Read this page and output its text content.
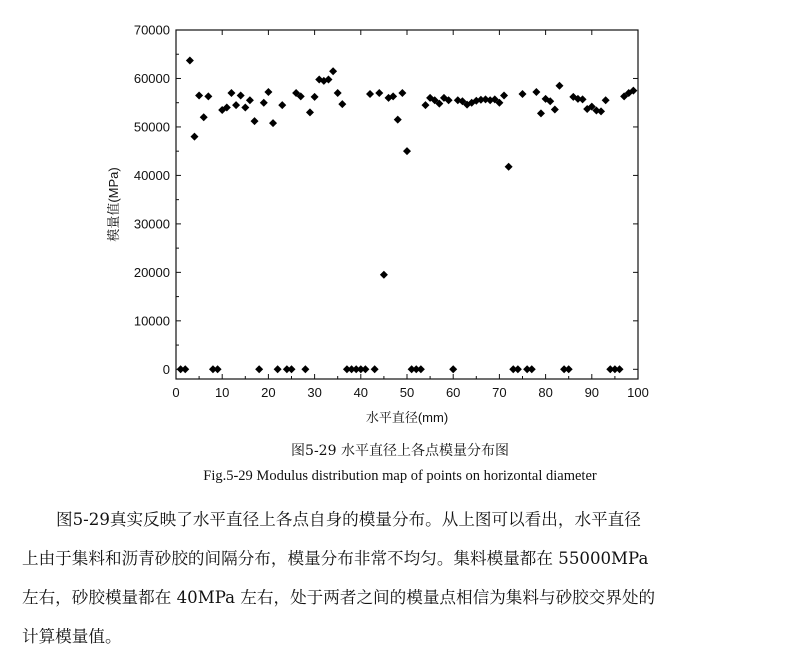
0	10 20 30 40 50 60 70 80 90 100
0
10000
20000
30000
40000
50000
60000
70000
水平直径(mm)
模量值(MPa)
图5-29 水平直径上各点模量分布图
Fig.5-29 Modulus distribution map of points on horizontal diameter

图5-29真实反映了水平直径上各点自身的模量分布。从上图可以看出，水平直径

上由于集料和沥青砂胶的间隔分布，模量分布非常不均匀。集料模量都在 55000MPa

左右，砂胶模量都在 40MPa 左右，处于两者之间的模量点相信为集料与砂胶交界处的

计算模量值。
